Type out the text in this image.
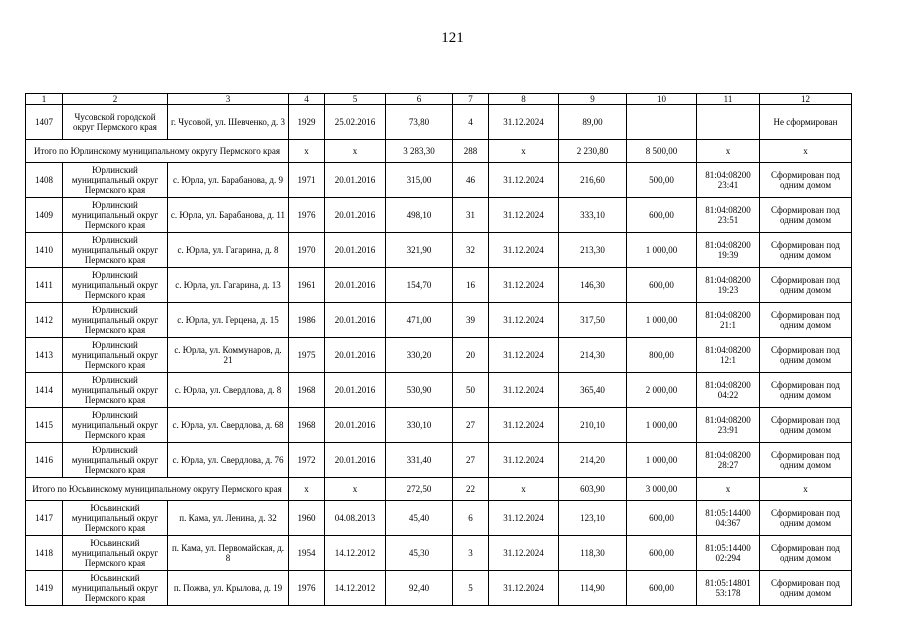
121
1	2	3	4	5	6	7	8	9	10	11	12
1407	Чусовской городской округ Пермского края	г. Чусовой, ул. Шевченко, д. 3	1929	25.02.2016	73,80	4	31.12.2024	89,00			Не сформирован
Итого по Юрлинскому муниципальному округу Пермского края			х	х	3 283,30	288	х	2 230,80	8 500,00	х	х
1408	Юрлинский муниципальный округ Пермского края	с. Юрла, ул. Барабанова, д. 9	1971	20.01.2016	315,00	46	31.12.2024	216,60	500,00	81:04:08200 23:41	Сформирован под одним домом
1409	Юрлинский муниципальный округ Пермского края	с. Юрла, ул. Барабанова, д. 11	1976	20.01.2016	498,10	31	31.12.2024	333,10	600,00	81:04:08200 23:51	Сформирован под одним домом
1410	Юрлинский муниципальный округ Пермского края	с. Юрла, ул. Гагарина, д. 8	1970	20.01.2016	321,90	32	31.12.2024	213,30	1 000,00	81:04:08200 19:39	Сформирован под одним домом
1411	Юрлинский муниципальный округ Пермского края	с. Юрла, ул. Гагарина, д. 13	1961	20.01.2016	154,70	16	31.12.2024	146,30	600,00	81:04:08200 19:23	Сформирован под одним домом
1412	Юрлинский муниципальный округ Пермского края	с. Юрла, ул. Герцена, д. 15	1986	20.01.2016	471,00	39	31.12.2024	317,50	1 000,00	81:04:08200 21:1	Сформирован под одним домом
1413	Юрлинский муниципальный округ Пермского края	с. Юрла, ул. Коммунаров, д. 21	1975	20.01.2016	330,20	20	31.12.2024	214,30	800,00	81:04:08200 12:1	Сформирован под одним домом
1414	Юрлинский муниципальный округ Пермского края	с. Юрла, ул. Свердлова, д. 8	1968	20.01.2016	530,90	50	31.12.2024	365,40	2 000,00	81:04:08200 04:22	Сформирован под одним домом
1415	Юрлинский муниципальный округ Пермского края	с. Юрла, ул. Свердлова, д. 68	1968	20.01.2016	330,10	27	31.12.2024	210,10	1 000,00	81:04:08200 23:91	Сформирован под одним домом
1416	Юрлинский муниципальный округ Пермского края	с. Юрла, ул. Свердлова, д. 76	1972	20.01.2016	331,40	27	31.12.2024	214,20	1 000,00	81:04:08200 28:27	Сформирован под одним домом
Итого по Юсьвинскому муниципальному округу Пермского края			х	х	272,50	22	х	603,90	3 000,00	х	х
1417	Юсьвинский муниципальный округ Пермского края	п. Кама, ул. Ленина, д. 32	1960	04.08.2013	45,40	6	31.12.2024	123,10	600,00	81:05:14400 04:367	Сформирован под одним домом
1418	Юсьвинский муниципальный округ Пермского края	п. Кама, ул. Первомайская, д. 8	1954	14.12.2012	45,30	3	31.12.2024	118,30	600,00	81:05:14400 02:294	Сформирован под одним домом
1419	Юсьвинский муниципальный округ Пермского края	п. Пожва, ул. Крылова, д. 19	1976	14.12.2012	92,40	5	31.12.2024	114,90	600,00	81:05:14801 53:178	Сформирован под одним домом
